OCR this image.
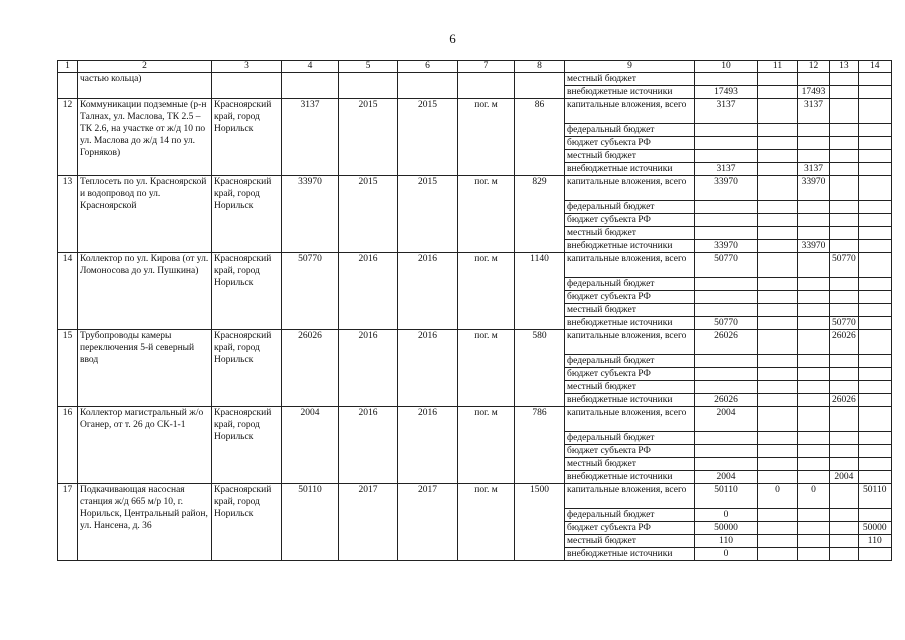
6
1	2	3	4	5	6	7	8	9	10	11	12	13	14
	частью кольца)							местный бюджет					
								внебюджетные источники	17493		17493		
12	Коммуникации подземные (р-н Талнах, ул. Маслова, ТК 2.5 – ТК 2.6, на участке от ж/д 10 по ул. Маслова до ж/д 14 по ул. Горняков)	Красноярский край, город Норильск	3137	2015	2015	пог. м	86	капитальные вложения, всего	3137		3137		
								федеральный бюджет					
								бюджет субъекта РФ					
								местный бюджет					
								внебюджетные источники	3137		3137		
13	Теплосеть по ул. Красноярской и водопровод по ул. Красноярской	Красноярский край, город Норильск	33970	2015	2015	пог. м	829	капитальные вложения, всего	33970		33970		
								федеральный бюджет					
								бюджет субъекта РФ					
								местный бюджет					
								внебюджетные источники	33970		33970		
14	Коллектор по ул. Кирова (от ул. Ломоносова до ул. Пушкина)	Красноярский край, город Норильск	50770	2016	2016	пог. м	1140	капитальные вложения, всего	50770			50770	
								федеральный бюджет					
								бюджет субъекта РФ					
								местный бюджет					
								внебюджетные источники	50770			50770	
15	Трубопроводы камеры переключения 5-й северный ввод	Красноярский край, город Норильск	26026	2016	2016	пог. м	580	капитальные вложения, всего	26026			26026	
								федеральный бюджет					
								бюджет субъекта РФ					
								местный бюджет					
								внебюджетные источники	26026			26026	
16	Коллектор магистральный ж/о Оганер, от т. 26 до СК-1-1	Красноярский край, город Норильск	2004	2016	2016	пог. м	786	капитальные вложения, всего	2004				
								федеральный бюджет					
								бюджет субъекта РФ					
								местный бюджет					
								внебюджетные источники	2004			2004	
17	Подкачивающая насосная станция ж/д 665 м/р 10, г. Норильск, Центральный район, ул. Нансена, д. 36	Красноярский край, город Норильск	50110	2017	2017	пог. м	1500	капитальные вложения, всего	50110	0	0		50110
								федеральный бюджет	0				
								бюджет субъекта РФ	50000				50000
								местный бюджет	110				110
								внебюджетные источники	0				
